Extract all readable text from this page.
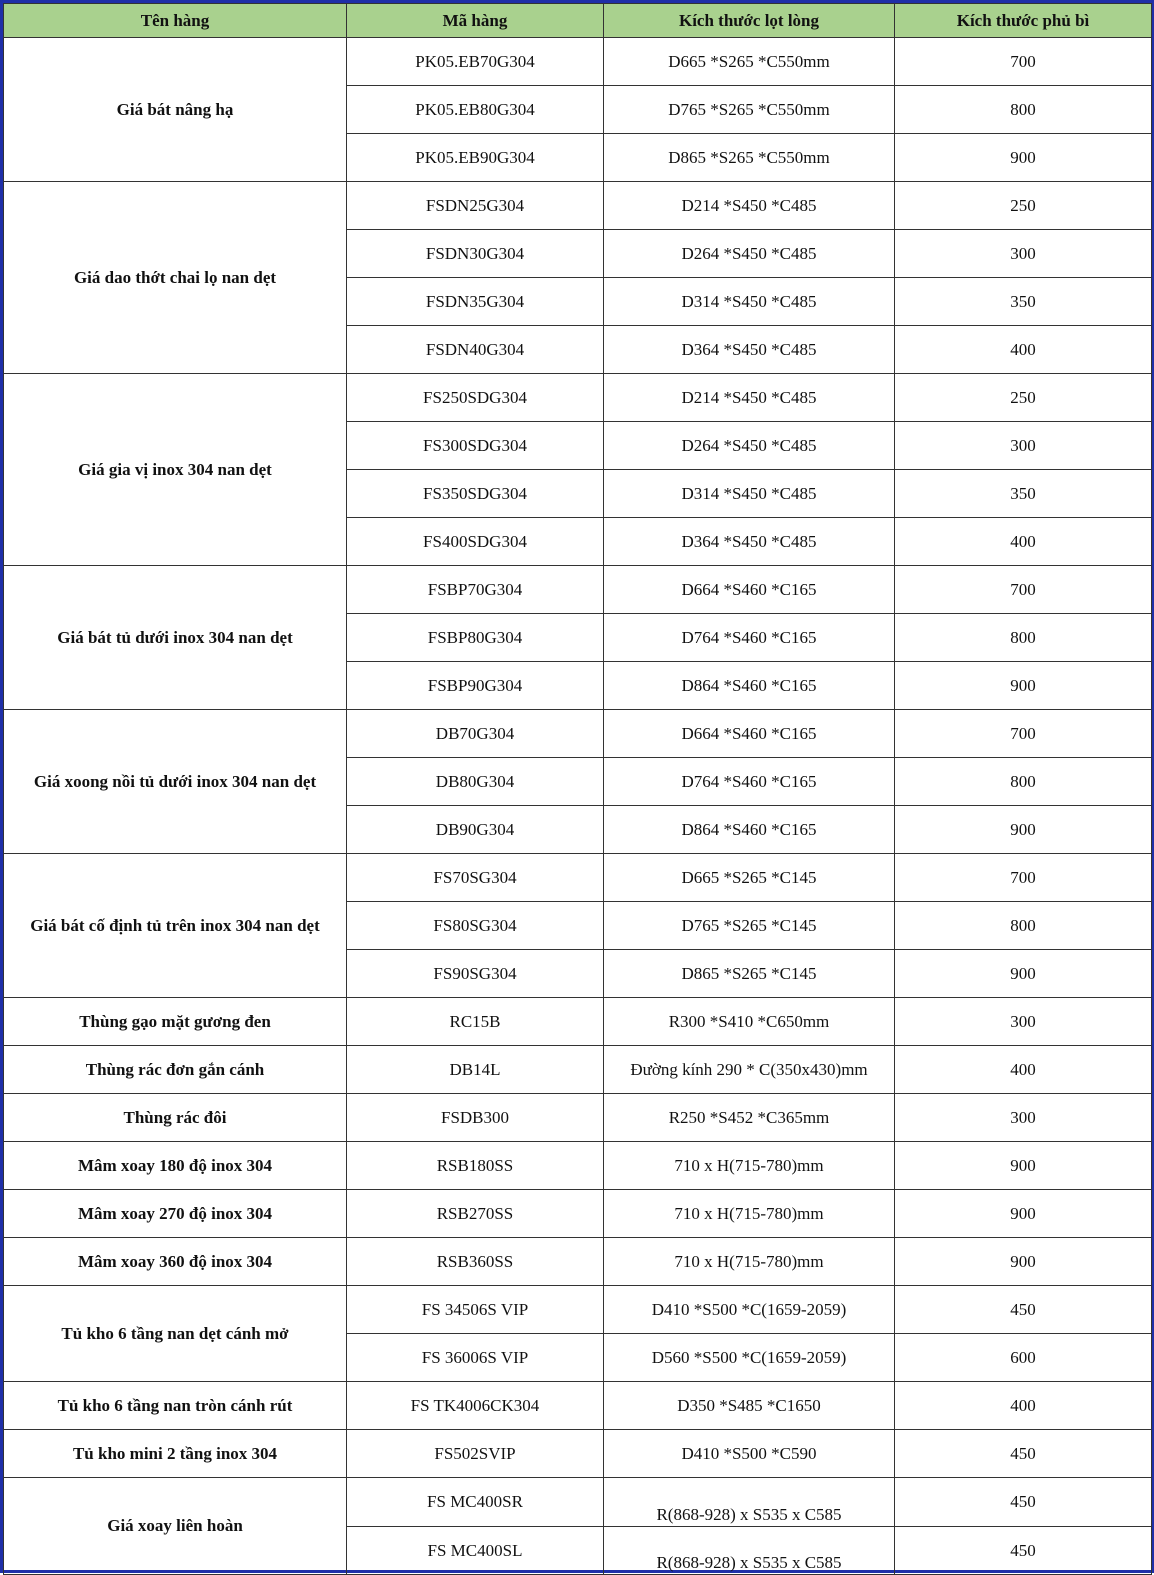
Tên hàng	Mã hàng	Kích thước lọt lòng	Kích thước phủ bì
Giá bát nâng hạ	PK05.EB70G304	D665 *S265 *C550mm	700
	PK05.EB80G304	D765 *S265 *C550mm	800
	PK05.EB90G304	D865 *S265 *C550mm	900
Giá dao thớt chai lọ nan dẹt	FSDN25G304	D214 *S450 *C485	250
	FSDN30G304	D264 *S450 *C485	300
	FSDN35G304	D314 *S450 *C485	350
	FSDN40G304	D364 *S450 *C485	400
Giá gia vị inox 304 nan dẹt	FS250SDG304	D214 *S450 *C485	250
	FS300SDG304	D264 *S450 *C485	300
	FS350SDG304	D314 *S450 *C485	350
	FS400SDG304	D364 *S450 *C485	400
Giá bát tủ dưới inox 304 nan dẹt	FSBP70G304	D664 *S460 *C165	700
	FSBP80G304	D764 *S460 *C165	800
	FSBP90G304	D864 *S460 *C165	900
Giá xoong nồi tủ dưới inox 304 nan dẹt	DB70G304	D664 *S460 *C165	700
	DB80G304	D764 *S460 *C165	800
	DB90G304	D864 *S460 *C165	900
Giá bát cố định tủ trên inox 304 nan dẹt	FS70SG304	D665 *S265 *C145	700
	FS80SG304	D765 *S265 *C145	800
	FS90SG304	D865 *S265 *C145	900
Thùng gạo mặt gương đen	RC15B	R300 *S410 *C650mm	300
Thùng rác đơn gắn cánh	DB14L	Đường kính 290 * C(350x430)mm	400
Thùng rác đôi	FSDB300	R250 *S452 *C365mm	300
Mâm xoay 180 độ inox 304	RSB180SS	710 x H(715-780)mm	900
Mâm xoay 270 độ inox 304	RSB270SS	710 x H(715-780)mm	900
Mâm xoay 360 độ inox 304	RSB360SS	710 x H(715-780)mm	900
Tủ kho 6 tầng nan dẹt cánh mở	FS 34506S VIP	D410 *S500 *C(1659-2059)	450
	FS 36006S VIP	D560 *S500 *C(1659-2059)	600
Tủ kho 6 tầng nan tròn cánh rút	FS TK4006CK304	D350 *S485 *C1650	400
Tủ kho mini 2 tầng inox 304	FS502SVIP	D410 *S500 *C590	450
Giá xoay liên hoàn	FS MC400SR	R(868-928) x S535 x C585	450
	FS MC400SL	R(868-928) x S535 x C585	450
